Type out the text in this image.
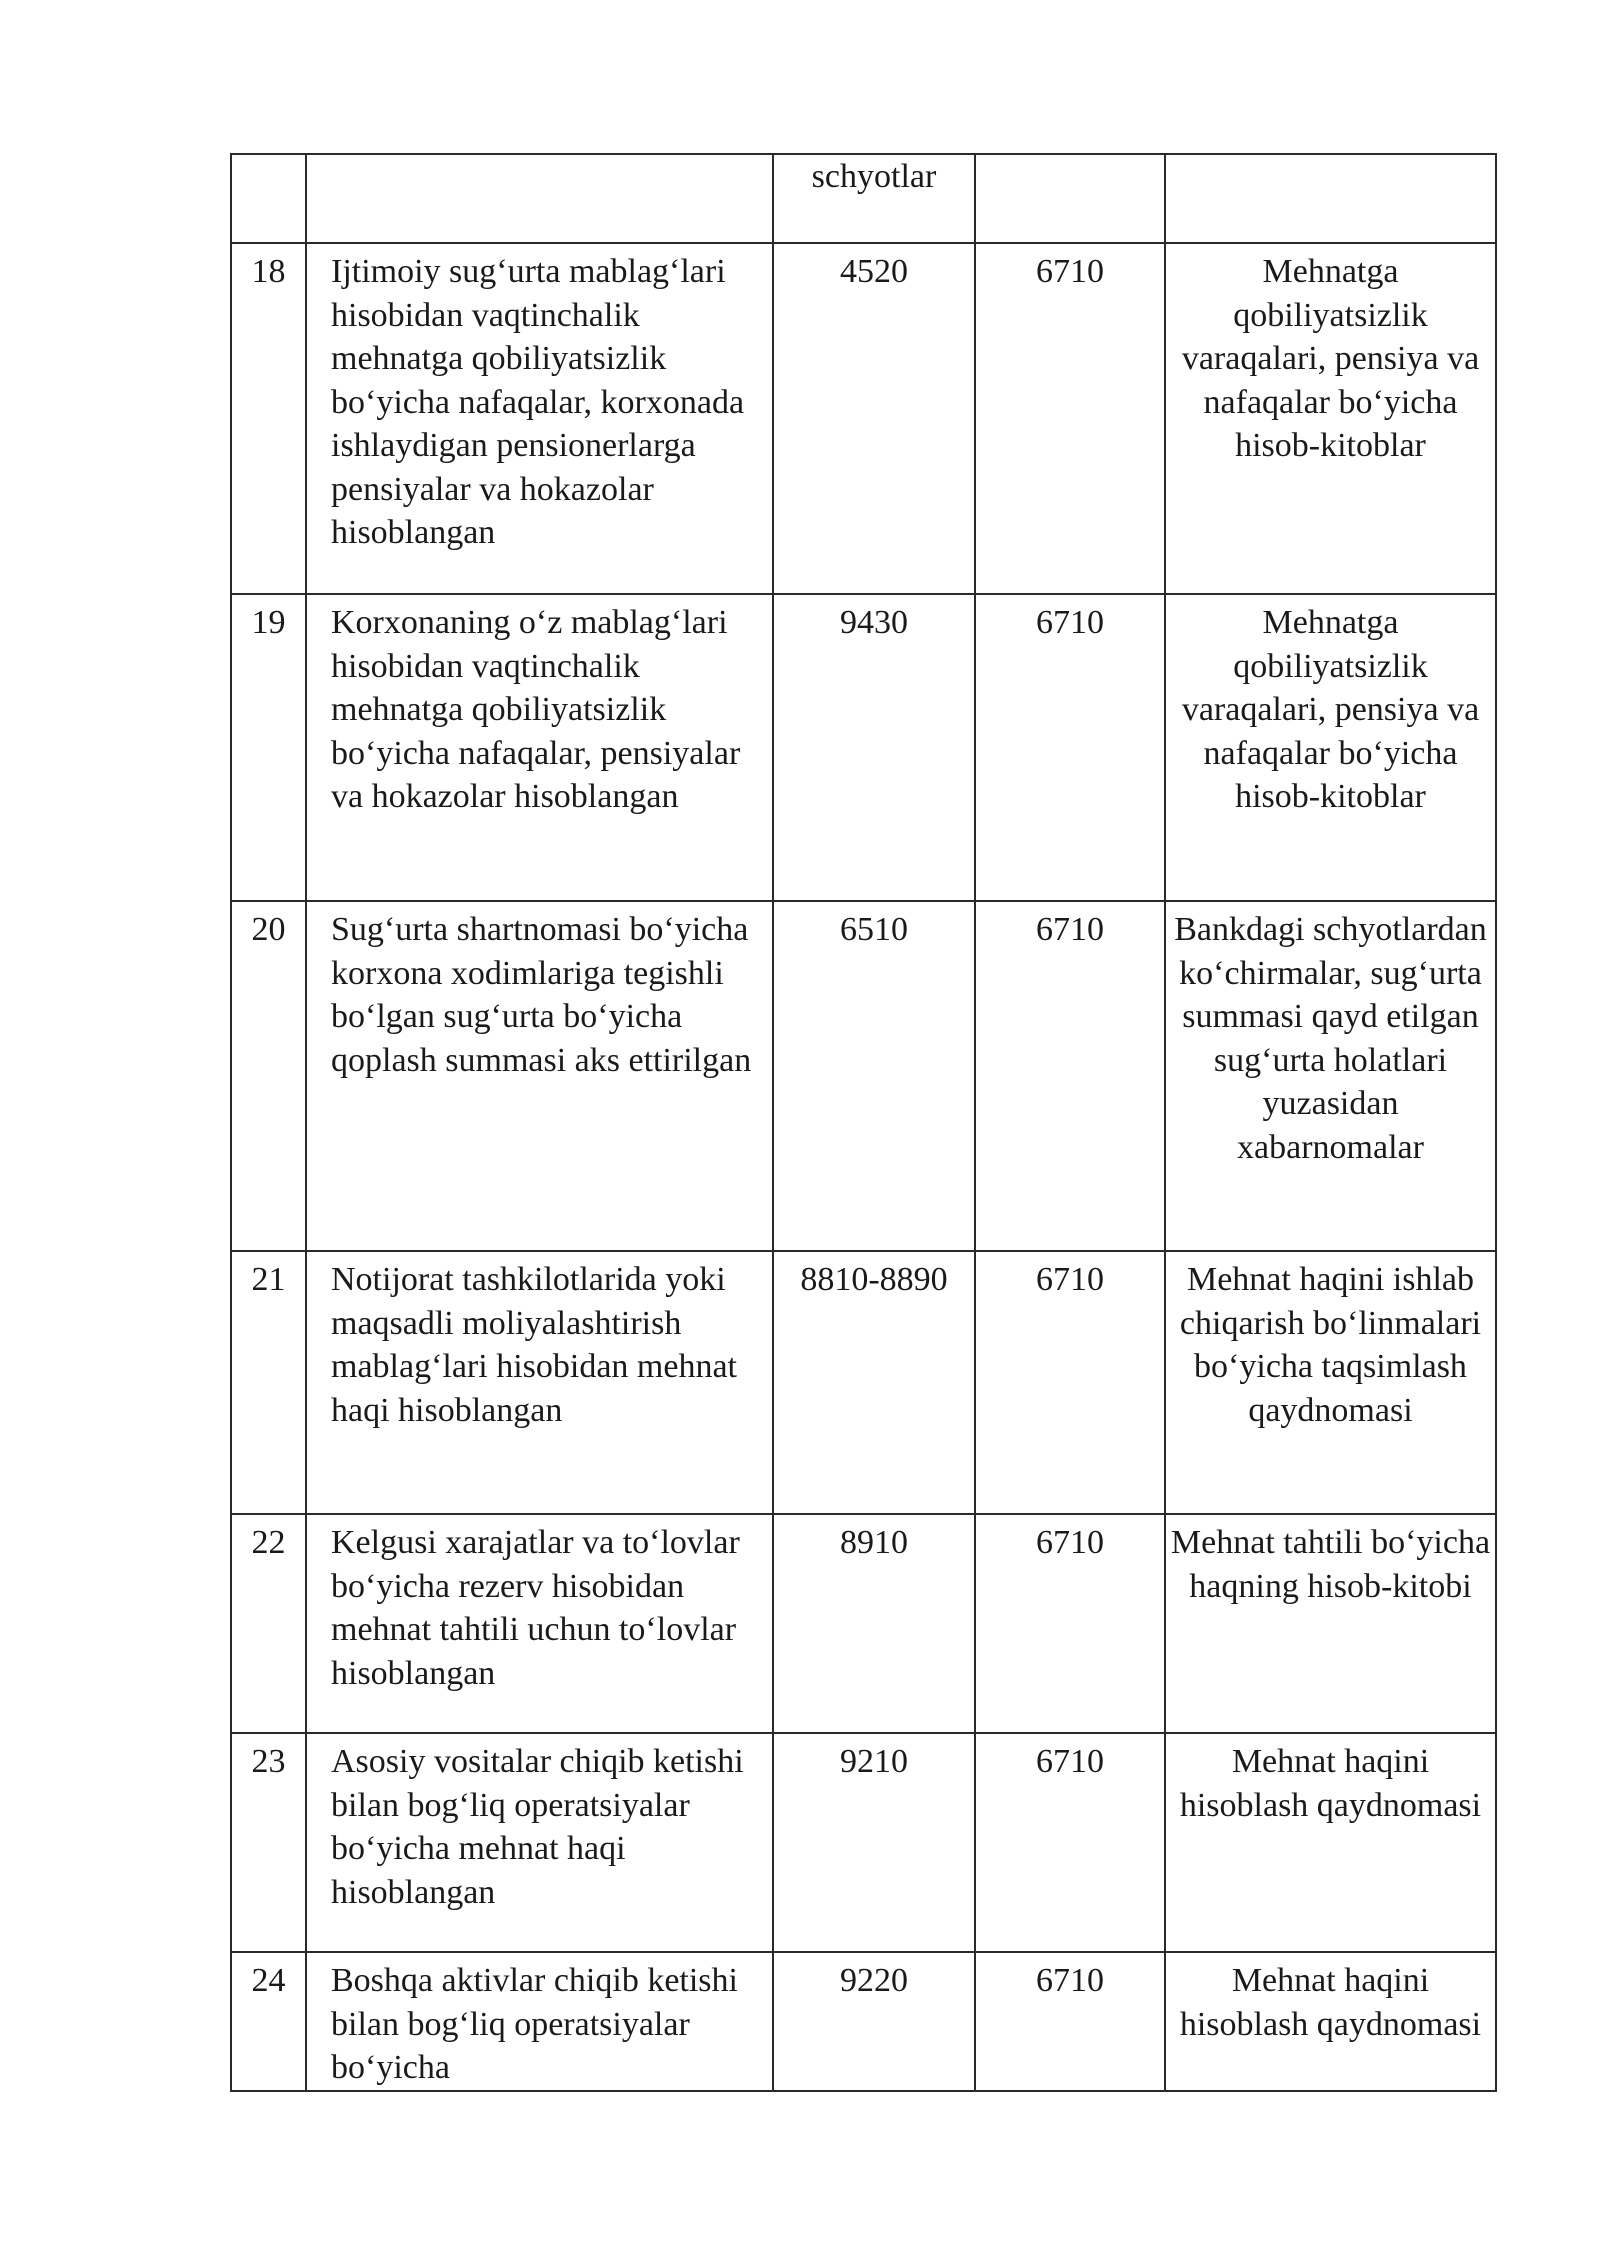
		schyotlar		
18	Ijtimoiy sug‘urta mablag‘lari hisobidan vaqtinchalik mehnatga qobiliyatsizlik bo‘yicha nafaqalar, korxonada ishlaydigan pensionerlarga pensiyalar va hokazolar hisoblangan	4520	6710	Mehnatga qobiliyatsizlik varaqalari, pensiya va nafaqalar bo‘yicha hisob-kitoblar
19	Korxonaning o‘z mablag‘lari hisobidan vaqtinchalik mehnatga qobiliyatsizlik bo‘yicha nafaqalar, pensiyalar va hokazolar hisoblangan	9430	6710	Mehnatga qobiliyatsizlik varaqalari, pensiya va nafaqalar bo‘yicha hisob-kitoblar
20	Sug‘urta shartnomasi bo‘yicha korxona xodimlariga tegishli bo‘lgan sug‘urta bo‘yicha qoplash summasi aks ettirilgan	6510	6710	Bankdagi schyotlardan ko‘chirmalar, sug‘urta summasi qayd etilgan sug‘urta holatlari yuzasidan xabarnomalar
21	Notijorat tashkilotlarida yoki maqsadli moliyalashtirish mablag‘lari hisobidan mehnat haqi hisoblangan	8810-8890	6710	Mehnat haqini ishlab chiqarish bo‘linmalari bo‘yicha taqsimlash qaydnomasi
22	Kelgusi xarajatlar va to‘lovlar bo‘yicha rezerv hisobidan mehnat tahtili uchun to‘lovlar hisoblangan	8910	6710	Mehnat tahtili bo‘yicha haqning hisob-kitobi
23	Asosiy vositalar chiqib ketishi bilan bog‘liq operatsiyalar bo‘yicha mehnat haqi hisoblangan	9210	6710	Mehnat haqini hisoblash qaydnomasi
24	Boshqa aktivlar chiqib ketishi bilan bog‘liq operatsiyalar bo‘yicha	9220	6710	Mehnat haqini hisoblash qaydnomasi
